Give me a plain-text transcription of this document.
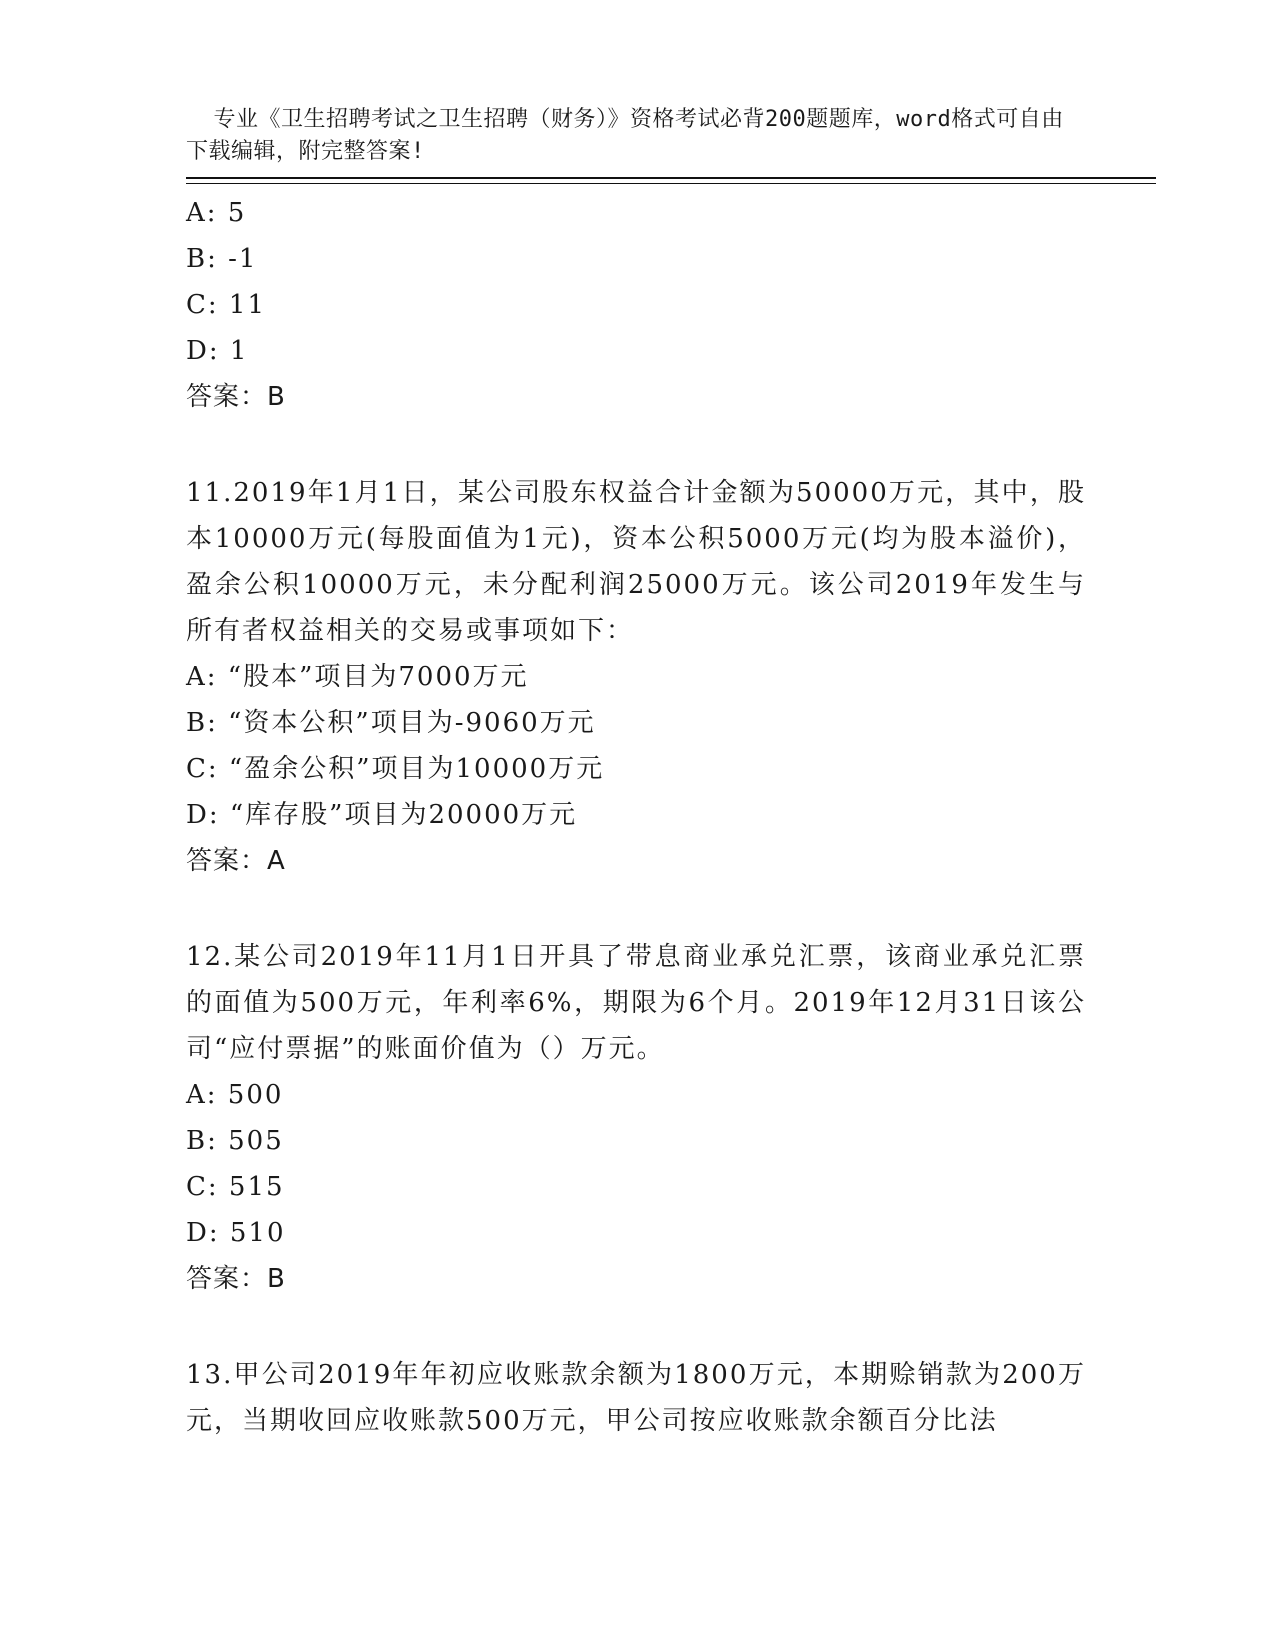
专业《卫生招聘考试之卫生招聘（财务）》资格考试必背200题题库，word格式可自由下载编辑，附完整答案!

A: 5
B: -1
C: 11
D: 1
答案：B
11.2019年1月1日，某公司股东权益合计金额为50000万元，其中，股本10000万元(每股面值为1元)，资本公积5000万元(均为股本溢价)，盈余公积10000万元，未分配利润25000万元。该公司2019年发生与所有者权益相关的交易或事项如下：
A: “股本”项目为7000万元
B: “资本公积”项目为-9060万元
C: “盈余公积”项目为10000万元
D: “库存股”项目为20000万元
答案：A
12.某公司2019年11月1日开具了带息商业承兑汇票，该商业承兑汇票的面值为500万元，年利率6%，期限为6个月。2019年12月31日该公司“应付票据”的账面价值为（）万元。
A: 500
B: 505
C: 515
D: 510
答案：B
13.甲公司2019年年初应收账款余额为1800万元，本期赊销款为200万元，当期收回应收账款500万元，甲公司按应收账款余额百分比法
